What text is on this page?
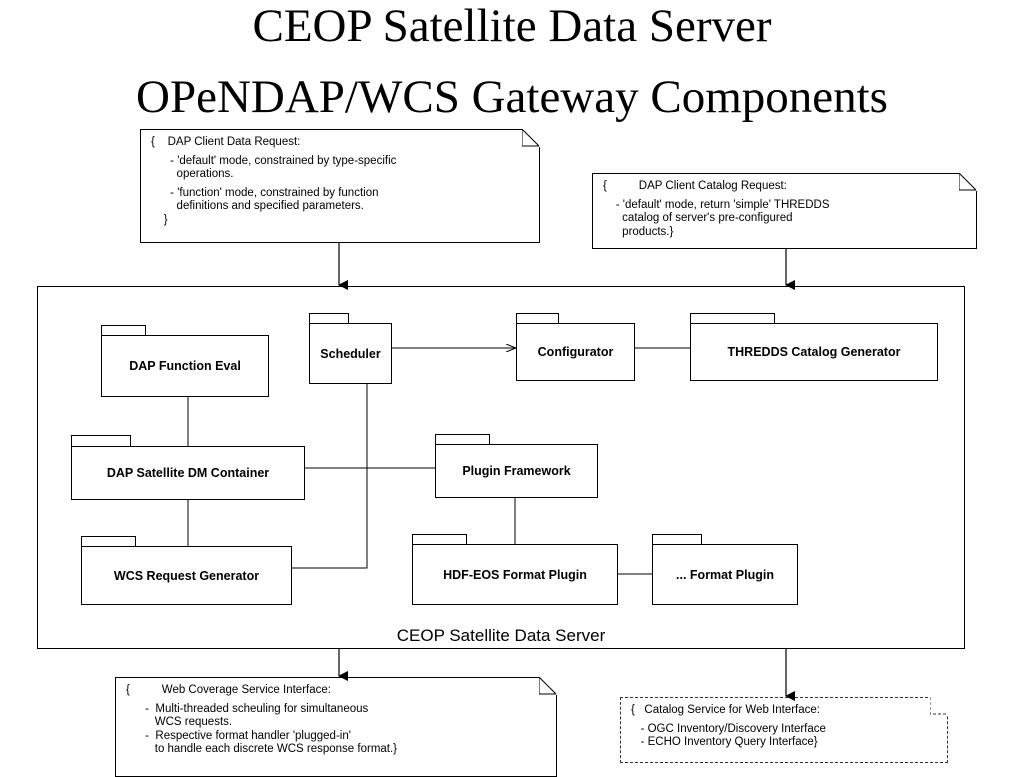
CEOP Satellite Data Server
OPeNDAP/WCS Gateway Components
{    DAP Client Data Request:

- 'default' mode, constrained by type-specific
operations.

- 'function' mode, constrained by function
definitions and specified parameters.
}
{          DAP Client Catalog Request:

- 'default' mode, return 'simple' THREDDS
catalog of server's pre-configured
products.}
{          Web Coverage Service Interface:

-  Multi-threaded scheuling for simultaneous
WCS requests.
-  Respective format handler 'plugged-in'
to handle each discrete WCS response format.}
{   Catalog Service for Web Interface:

- OGC Inventory/Discovery Interface
- ECHO Inventory Query Interface}
CEOP Satellite Data Server
DAP Function Eval
Scheduler	Configurator	THREDDS Catalog Generator
DAP Satellite DM Container	Plugin Framework
WCS Request Generator	HDF-EOS Format Plugin	... Format Plugin
